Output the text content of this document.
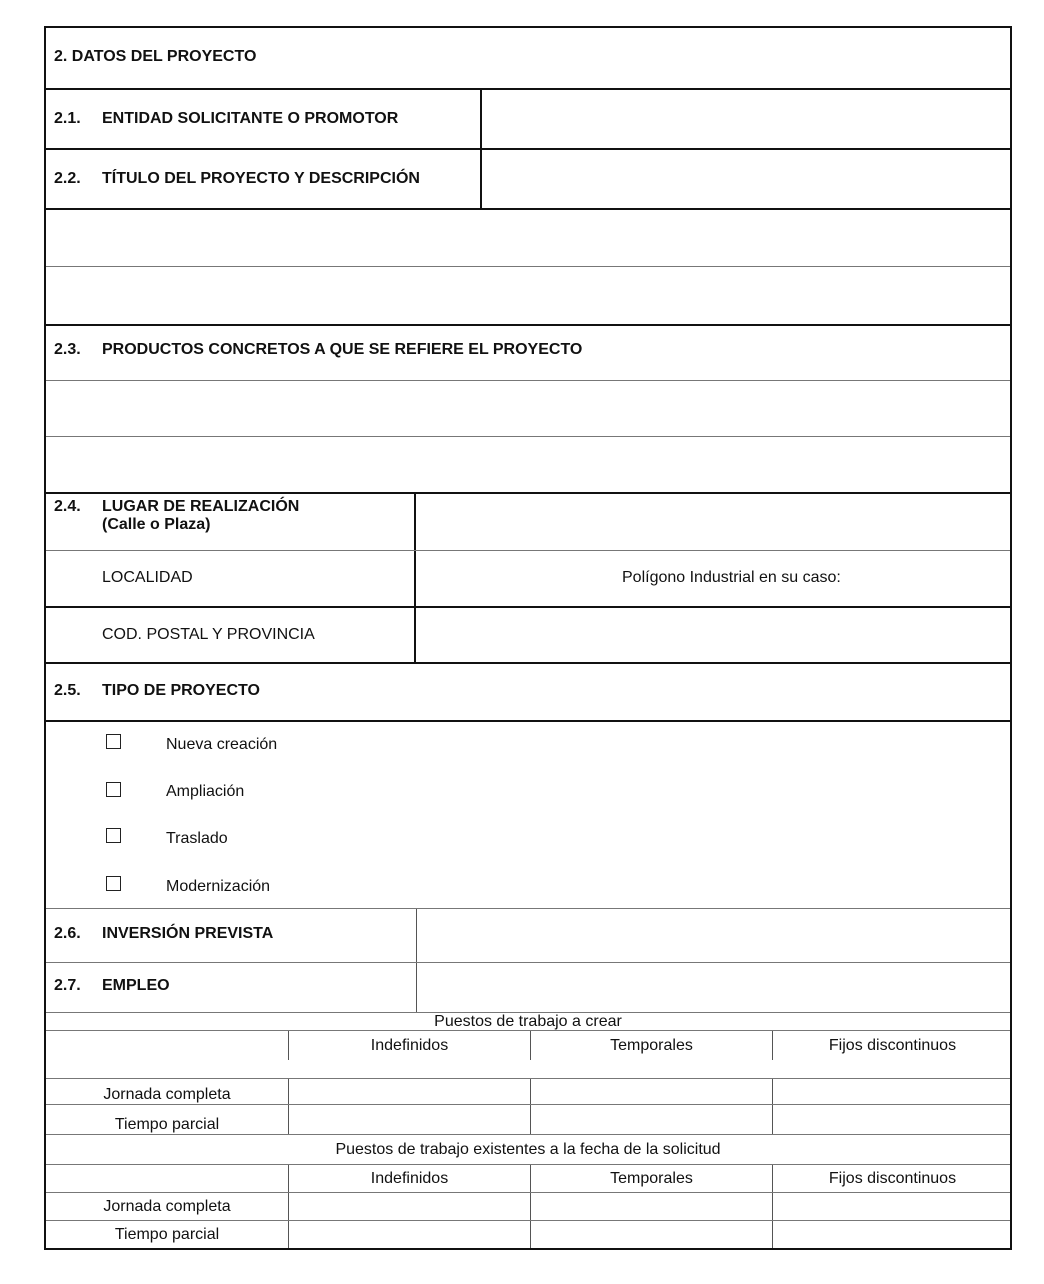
2. DATOS DEL PROYECTO
2.1. ENTIDAD SOLICITANTE O PROMOTOR
2.2. TÍTULO DEL PROYECTO Y DESCRIPCIÓN
2.3. PRODUCTOS CONCRETOS A QUE SE REFIERE EL PROYECTO
2.4. LUGAR DE REALIZACIÓN
(Calle o Plaza)
LOCALIDAD	Polígono Industrial en su caso:
COD. POSTAL Y PROVINCIA
2.5. TIPO DE PROYECTO
Nueva creación
Ampliación
Traslado
Modernización
2.6. INVERSIÓN PREVISTA
2.7. EMPLEO
Puestos de trabajo a crear
Indefinidos	Temporales	Fijos discontinuos
Jornada completa
Tiempo parcial
Puestos de trabajo existentes a la fecha de la solicitud
Indefinidos	Temporales	Fijos discontinuos
Jornada completa
Tiempo parcial
